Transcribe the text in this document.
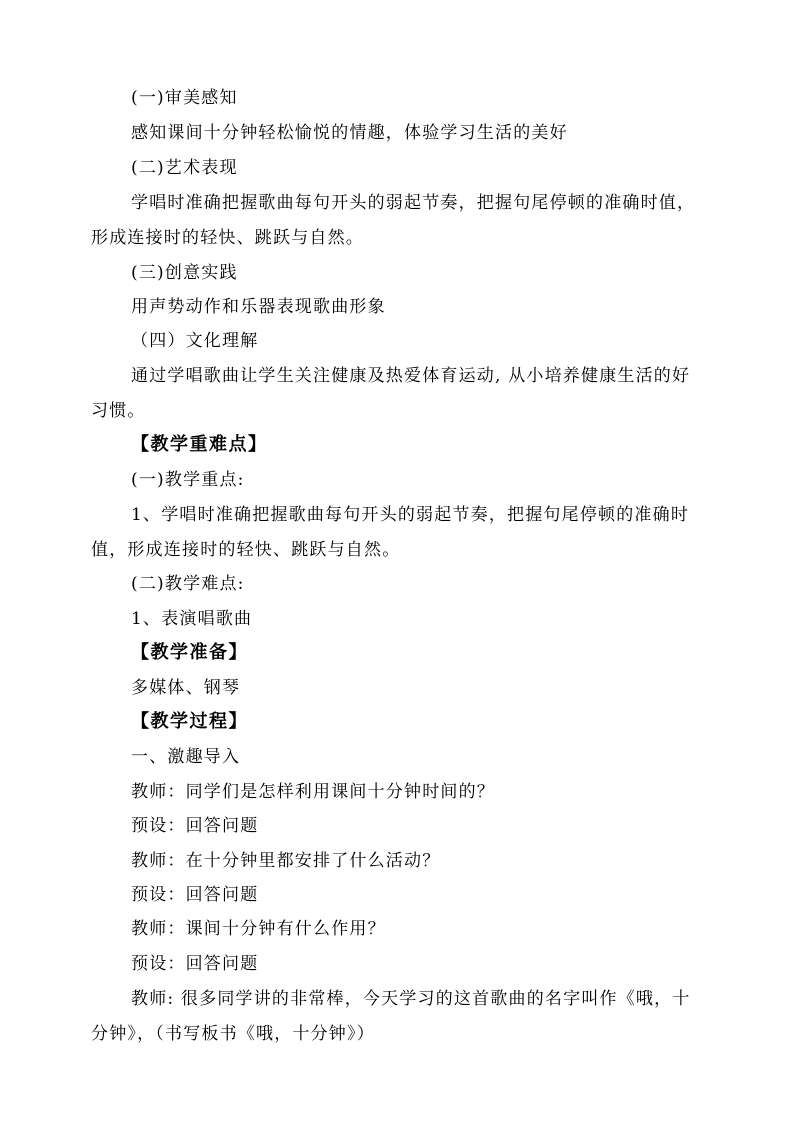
(一)审美感知
感知课间十分钟轻松愉悦的情趣，体验学习生活的美好
(二)艺术表现
学唱时准确把握歌曲每句开头的弱起节奏，把握句尾停顿的准确时值，
形成连接时的轻快、跳跃与自然。
(三)创意实践
用声势动作和乐器表现歌曲形象
（四）文化理解
通过学唱歌曲让学生关注健康及热爱体育运动, 从小培养健康生活的好
习惯。
【教学重难点】
(一)教学重点:
1、学唱时准确把握歌曲每句开头的弱起节奏，把握句尾停顿的准确时
值，形成连接时的轻快、跳跃与自然。
(二)教学难点:
1、表演唱歌曲
【教学准备】
多媒体、钢琴
【教学过程】
一、激趣导入
教师：同学们是怎样利用课间十分钟时间的？
预设：回答问题
教师：在十分钟里都安排了什么活动？
预设：回答问题
教师：课间十分钟有什么作用？
预设：回答问题
教师: 很多同学讲的非常棒，今天学习的这首歌曲的名字叫作《哦，十
分钟》，（书写板书《哦，十分钟》）
